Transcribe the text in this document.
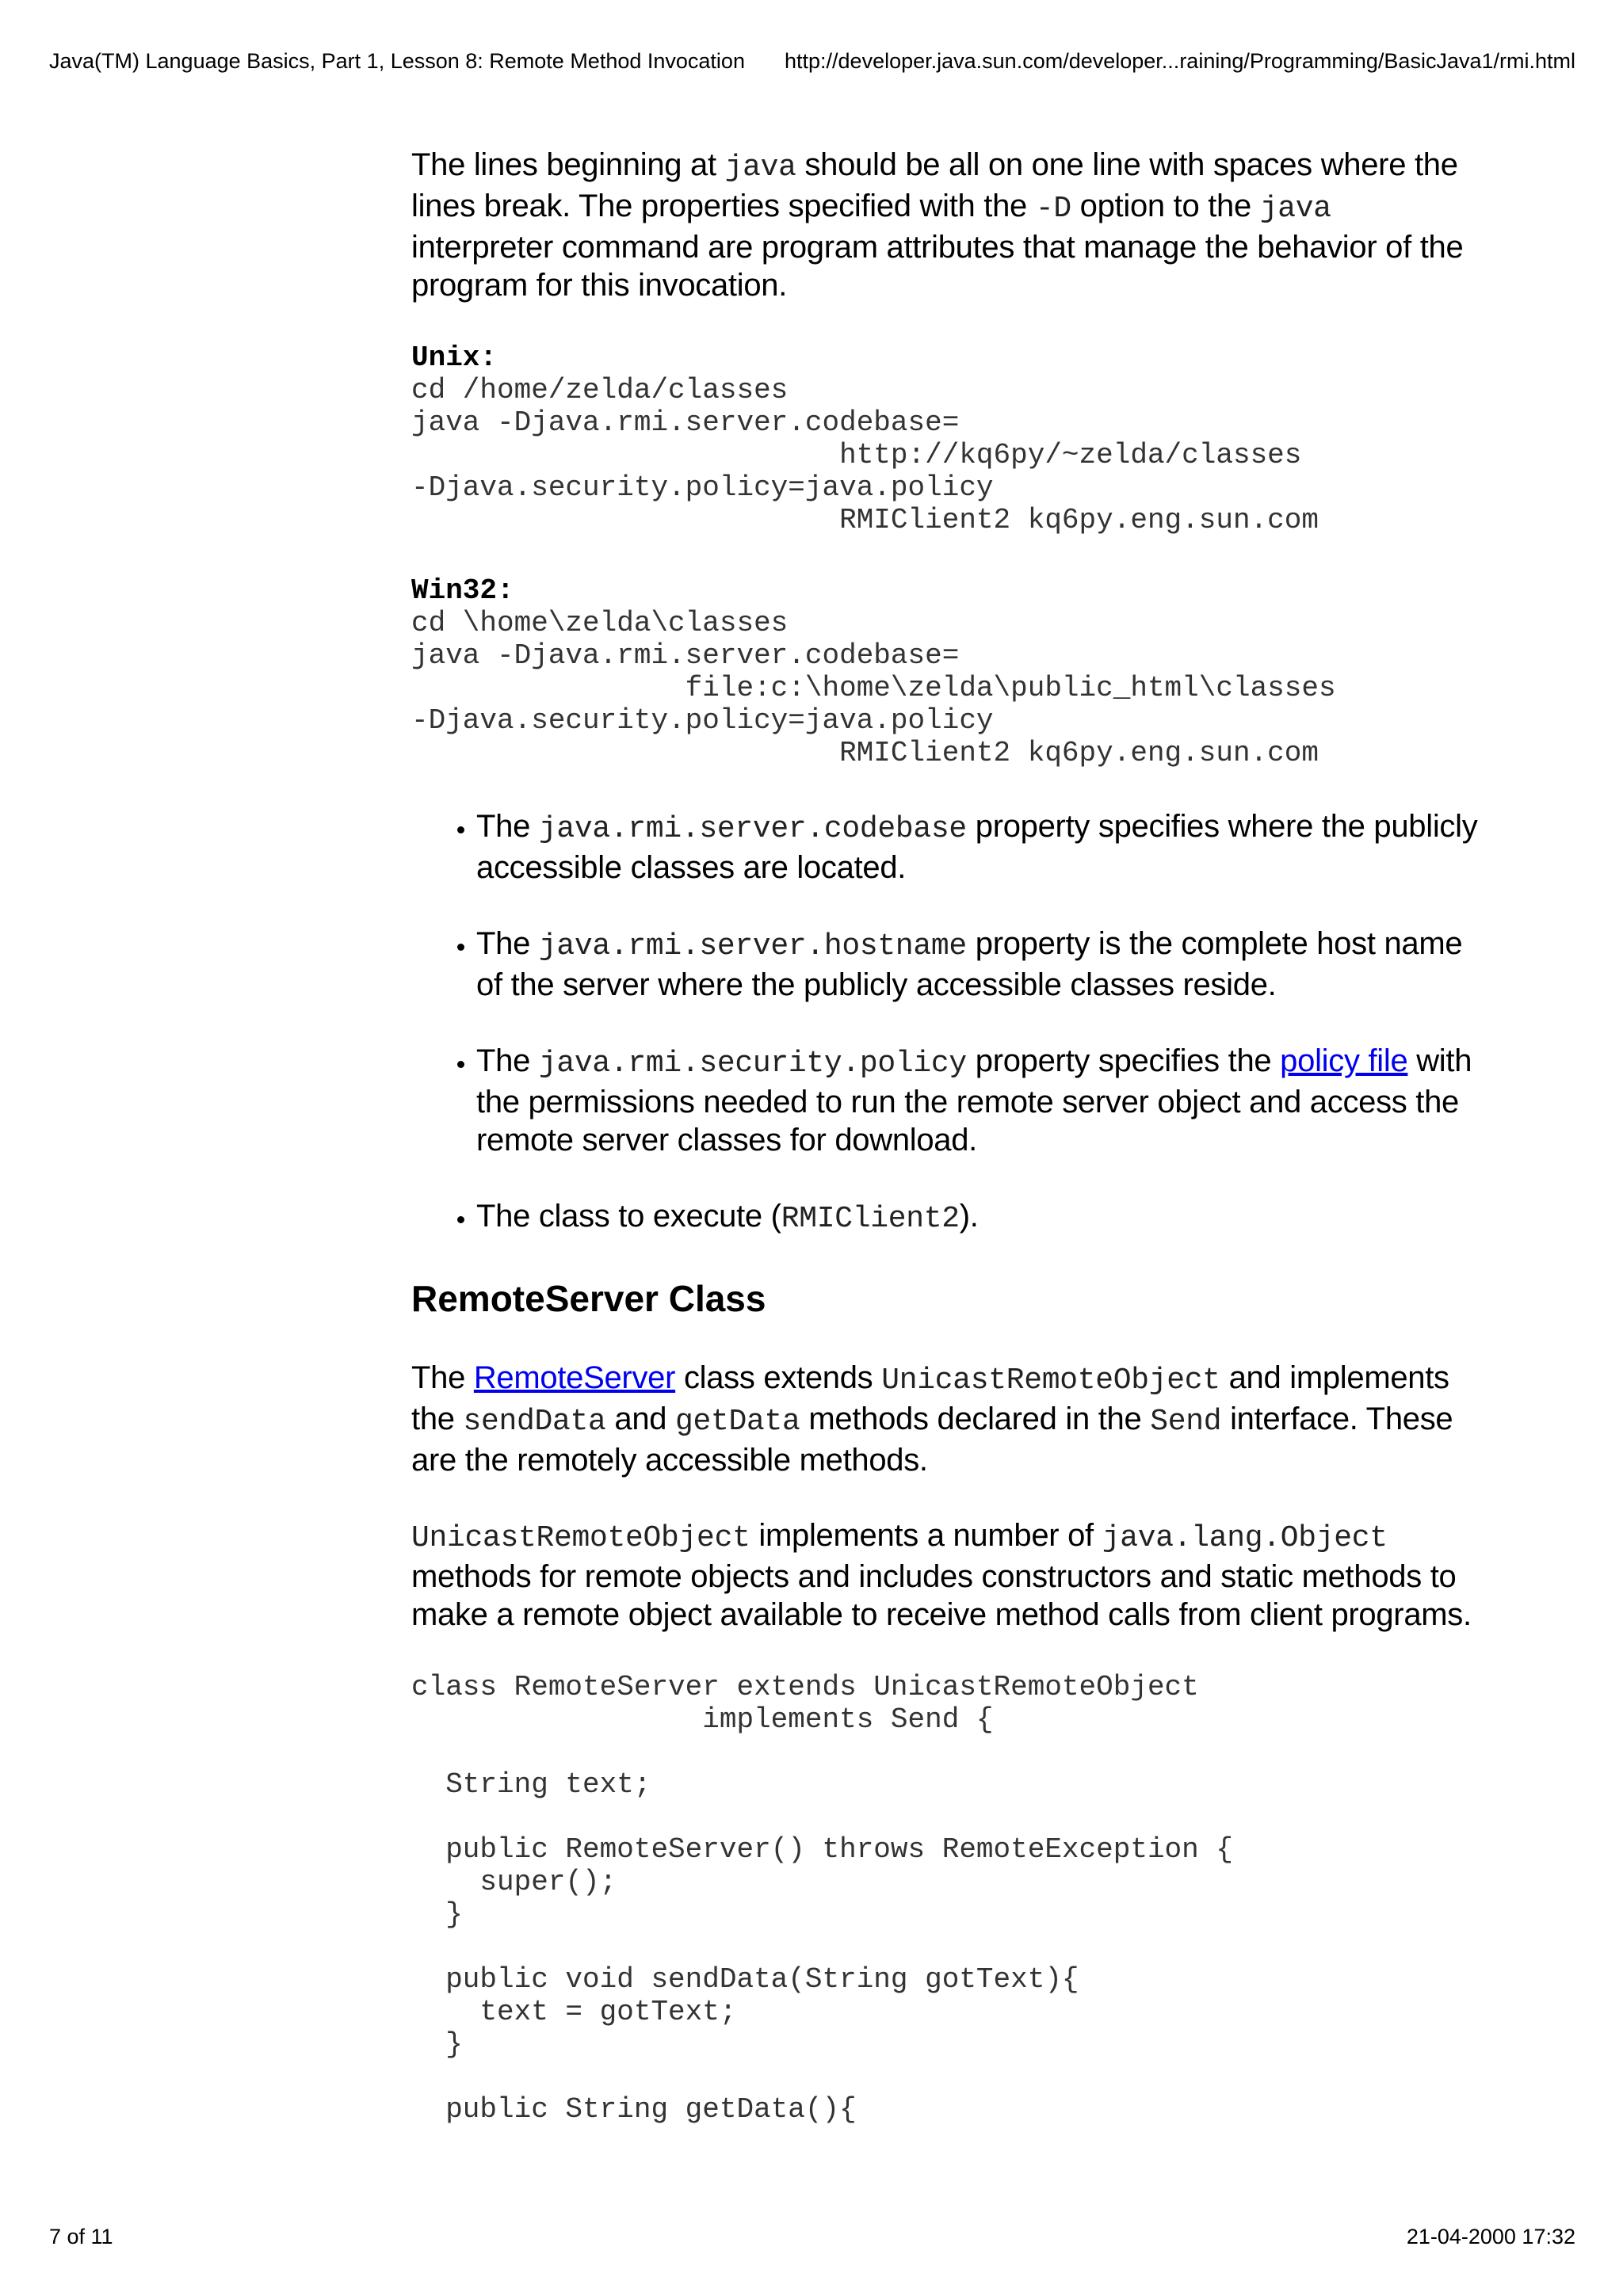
Java(TM) Language Basics, Part 1, Lesson 8: Remote Method Invocation http://developer.java.sun.com/developer...raining/Programming/BasicJava1/rmi.html

The lines beginning at java should be all on one line with spaces where the lines break. The properties specified with the -D option to the java interpreter command are program attributes that manage the behavior of the program for this invocation.

Unix:
cd /home/zelda/classes
java -Djava.rmi.server.codebase=
http://kq6py/~zelda/classes
-Djava.security.policy=java.policy
RMIClient2 kq6py.eng.sun.com
Win32:
cd \home\zelda\classes
java -Djava.rmi.server.codebase=
file:c:\home\zelda\public_html\classes
-Djava.security.policy=java.policy
RMIClient2 kq6py.eng.sun.com
• The java.rmi.server.codebase property specifies where the publicly accessible classes are located.
• The java.rmi.server.hostname property is the complete host name of the server where the publicly accessible classes reside.
• The java.rmi.security.policy property specifies the policy file with the permissions needed to run the remote server object and access the remote server classes for download.
• The class to execute (RMIClient2).
RemoteServer Class

The RemoteServer class extends UnicastRemoteObject and implements the sendData and getData methods declared in the Send interface. These are the remotely accessible methods.

UnicastRemoteObject implements a number of java.lang.Object methods for remote objects and includes constructors and static methods to make a remote object available to receive method calls from client programs.

class RemoteServer extends UnicastRemoteObject
implements Send {

String text;

public RemoteServer() throws RemoteException {
super();
}

public void sendData(String gotText){
text = gotText;
}

public String getData(){
7 of 11	21-04-2000 17:32
